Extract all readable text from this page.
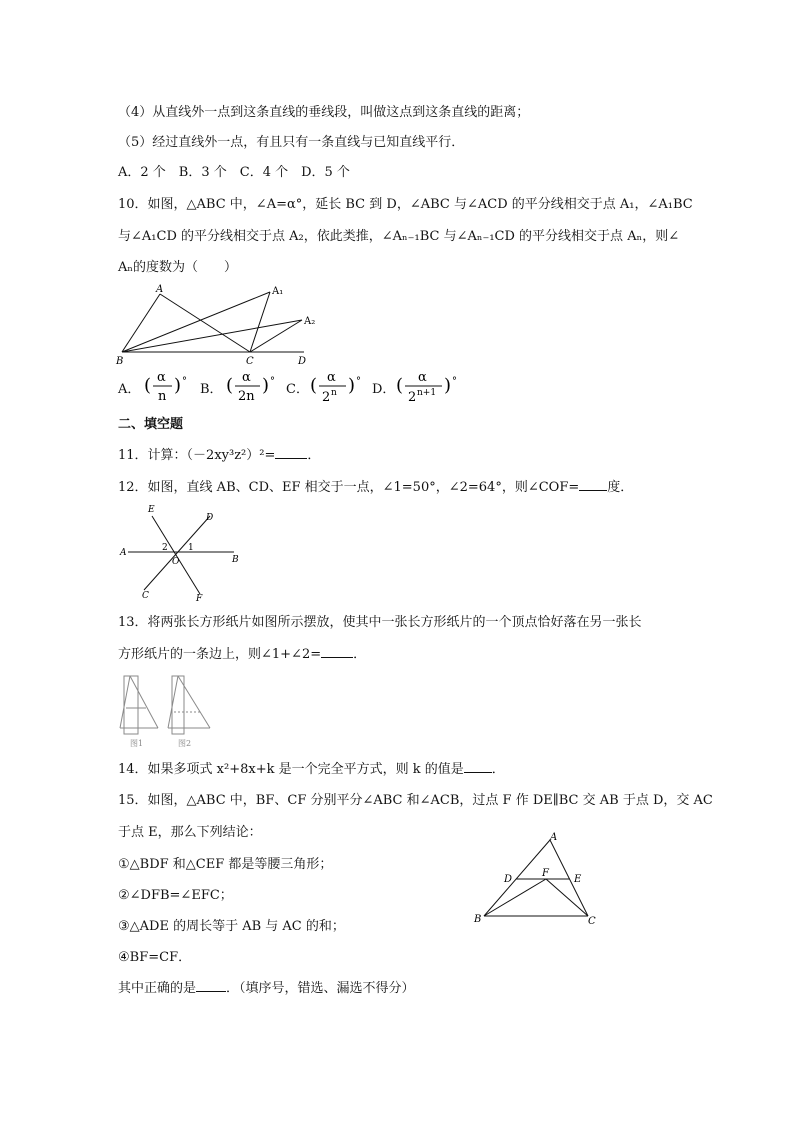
（4）从直线外一点到这条直线的垂线段，叫做这点到这条直线的距离；
（5）经过直线外一点，有且只有一条直线与已知直线平行．
A．2 个　B．3 个　C．4 个　D．5 个
10．如图，△ABC 中，∠A=α°，延长 BC 到 D，∠ABC 与∠ACD 的平分线相交于点 A₁，∠A₁BC
与∠A₁CD 的平分线相交于点 A₂，依此类推，∠Aₙ₋₁BC 与∠Aₙ₋₁CD 的平分线相交于点 Aₙ，则∠
Aₙ的度数为（　　）
A	A₁
A₂
B	C	D
A． ( α
n
) °
B． ( α
2n
) °
C． ( α
2 n ) °
D． ( α
2 n+1 ) °
二、填空题
11．计算：（－2xy³z²）²= ．
12．如图，直线 AB、CD、EF 相交于一点，∠1=50°，∠2=64°，则∠COF= 度．
E
D
A
B
2 1
O
C	F
13．将两张长方形纸片如图所示摆放，使其中一张长方形纸片的一个顶点恰好落在另一张长
方形纸片的一条边上，则∠1+∠2= ．
图1	图2
14．如果多项式 x²+8x+k 是一个完全平方式，则 k 的值是 ．
15．如图，△ABC 中，BF、CF 分别平分∠ABC 和∠ACB，过点 F 作 DE∥BC 交 AB 于点 D，交 AC
于点 E，那么下列结论：
①△BDF 和△CEF 都是等腰三角形；
②∠DFB=∠EFC；
③△ADE 的周长等于 AB 与 AC 的和；
④BF=CF．
其中正确的是 ．（填序号，错选、漏选不得分）
A
D
F
E
B	C
